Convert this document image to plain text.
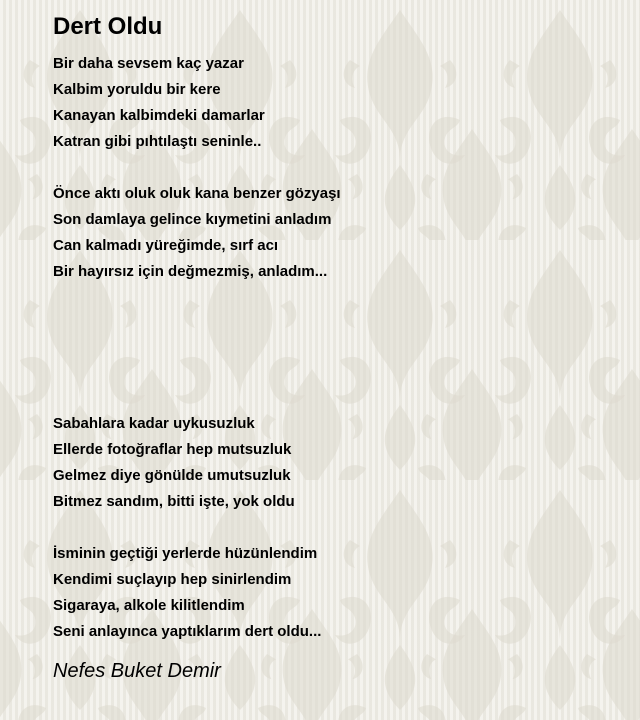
Dert Oldu
Bir daha sevsem kaç yazar
Kalbim yoruldu bir kere
Kanayan kalbimdeki damarlar
Katran gibi pıhtılaştı seninle..
Önce aktı oluk oluk kana benzer gözyaşı
Son damlaya gelince kıymetini anladım
Can kalmadı yüreğimde, sırf acı
Bir hayırsız için değmezmiş, anladım...
Sabahlara kadar uykusuzluk
Ellerde fotoğraflar hep mutsuzluk
Gelmez diye gönülde umutsuzluk
Bitmez sandım, bitti işte, yok oldu
İsminin geçtiği yerlerde hüzünlendim
Kendimi suçlayıp hep sinirlendim
Sigaraya, alkole kilitlendim
Seni anlayınca yaptıklarım dert oldu...
Nefes Buket Demir
